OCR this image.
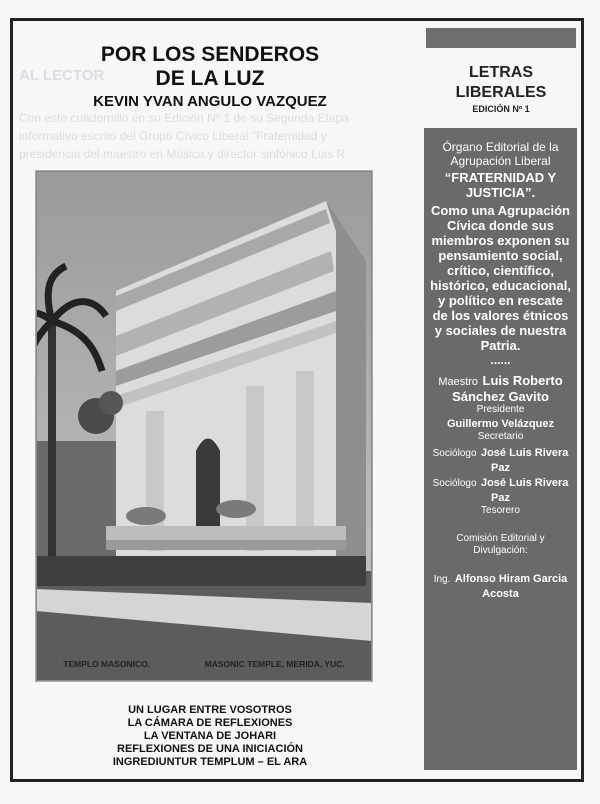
AL LECTOR
Con este cuadernillo en su Edición Nº 1 de su Segunda Etapa
informativo escrito del Grupo Cívico Liberal "Fraternidad y
presidencia del maestro en Música y director sinfónico Luis R
POR LOS SENDEROS
DE LA LUZ
KEVIN YVAN ANGULO VAZQUEZ
TEMPLO MASONICO.	MASONIC TEMPLE, MERIDA, YUC.
UN LUGAR ENTRE VOSOTROS
LA CÁMARA DE REFLEXIONES
LA VENTANA DE JOHARI
REFLEXIONES DE UNA INICIACIÓN
INGREDIUNTUR TEMPLUM – EL ARA
LETRAS
LIBERALES
EDICIÓN Nº 1
Órgano Editorial de la Agrupación Liberal
“FRATERNIDAD Y JUSTICIA”.
Como una Agrupación Cívica donde sus miembros exponen su pensamiento social, crítico, científico, histórico, educacional, y político en rescate de los valores étnicos y sociales de nuestra Patria.
......
Maestro Luis Roberto Sánchez Gavito
Presidente
Guillermo Velázquez
Secretario
Sociólogo José Luis Rivera Paz
Sociólogo José Luis Rivera Paz
Tesorero
Comisión Editorial y Divulgación:
Ing. Alfonso Hiram Garcia Acosta
